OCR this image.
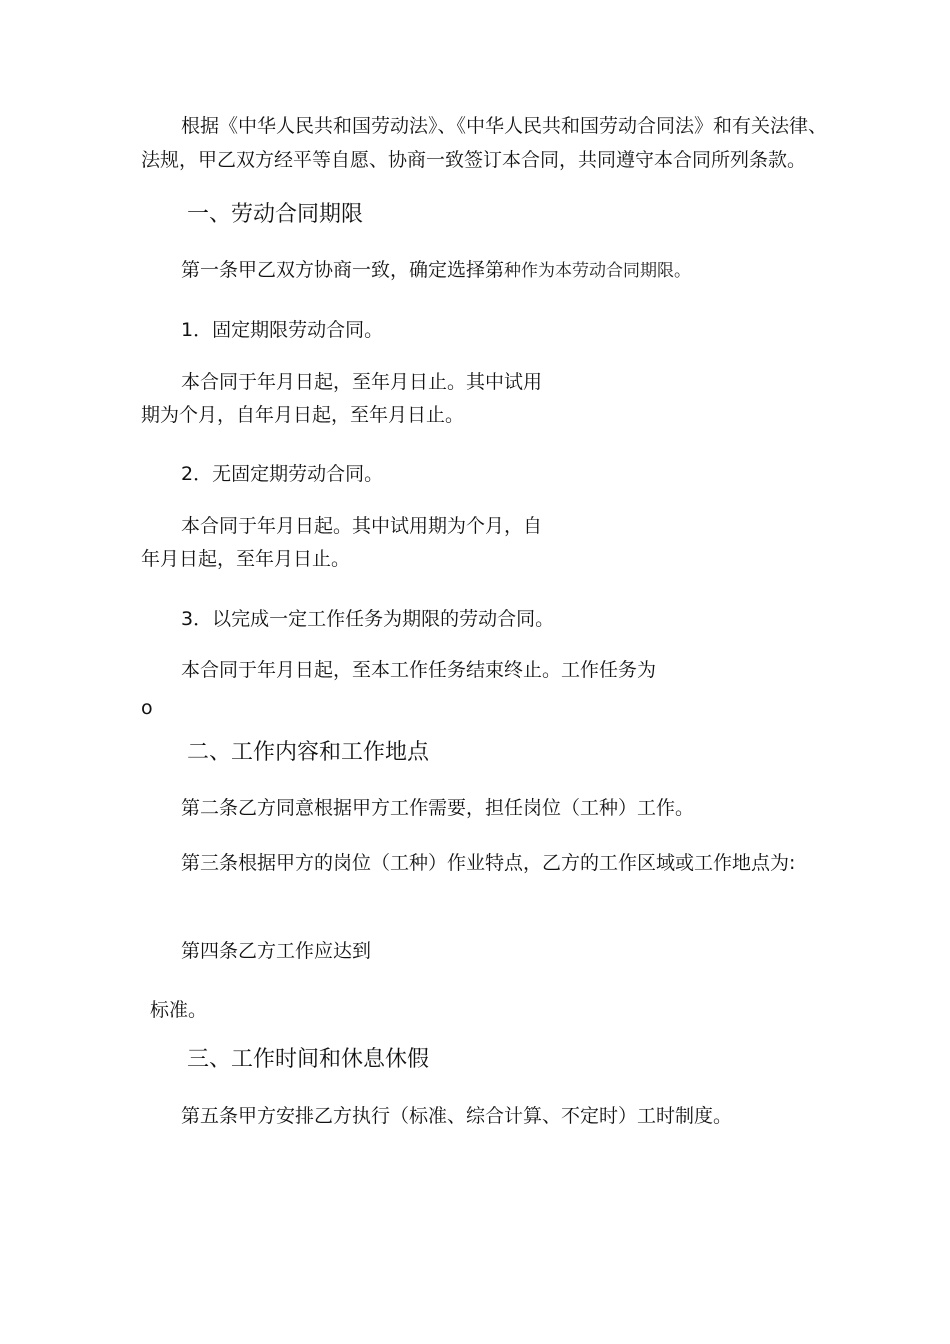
根据《中华人民共和国劳动法》、《中华人民共和国劳动合同法》和有关法律、
法规，甲乙双方经平等自愿、协商一致签订本合同，共同遵守本合同所列条款。
一、劳动合同期限
第一条甲乙双方协商一致，确定选择第种作为本劳动合同期限。
1．固定期限劳动合同。
本合同于年月日起，至年月日止。其中试用
期为个月，自年月日起，至年月日止。
2．无固定期劳动合同。
本合同于年月日起。其中试用期为个月，自
年月日起，至年月日止。
3．以完成一定工作任务为期限的劳动合同。
本合同于年月日起，至本工作任务结束终止。工作任务为
o
二、工作内容和工作地点
第二条乙方同意根据甲方工作需要，担任岗位（工种）工作。
第三条根据甲方的岗位（工种）作业特点，乙方的工作区域或工作地点为:
第四条乙方工作应达到
标准。
三、工作时间和休息休假
第五条甲方安排乙方执行（标准、综合计算、不定时）工时制度。
